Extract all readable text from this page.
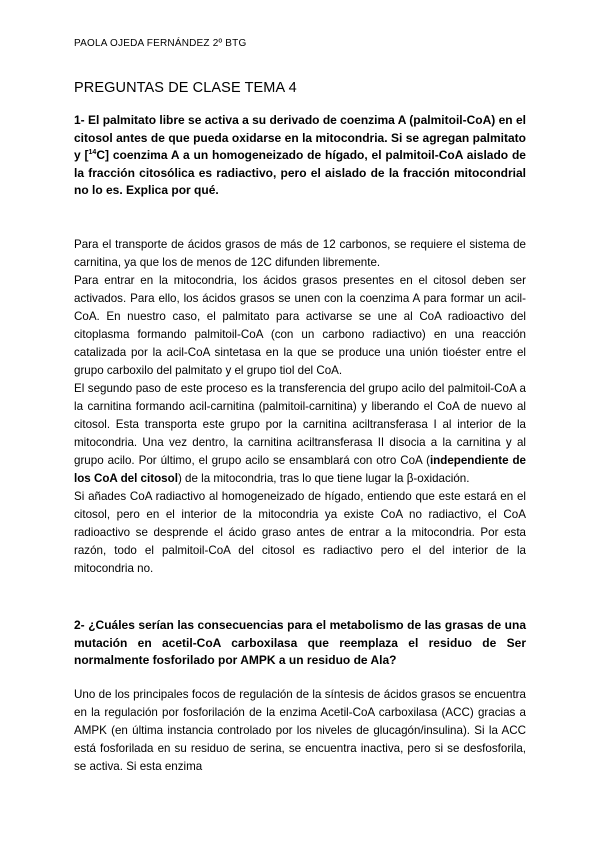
PAOLA OJEDA FERNÁNDEZ 2º BTG
PREGUNTAS DE CLASE TEMA 4
1- El palmitato libre se activa a su derivado de coenzima A (palmitoil-CoA) en el citosol antes de que pueda oxidarse en la mitocondria. Si se agregan palmitato y [$^{14}$C] coenzima A a un homogeneizado de hígado, el palmitoil-CoA aislado de la fracción citosólica es radiactivo, pero el aislado de la fracción mitocondrial no lo es. Explica por qué.

Para el transporte de ácidos grasos de más de 12 carbonos, se requiere el sistema de carnitina, ya que los de menos de 12C difunden libremente.

Para entrar en la mitocondria, los ácidos grasos presentes en el citosol deben ser activados. Para ello, los ácidos grasos se unen con la coenzima A para formar un acil-CoA. En nuestro caso, el palmitato para activarse se une al CoA radioactivo del citoplasma formando palmitoil-CoA (con un carbono radiactivo) en una reacción catalizada por la acil-CoA sintetasa en la que se produce una unión tioéster entre el grupo carboxilo del palmitato y el grupo tiol del CoA.

El segundo paso de este proceso es la transferencia del grupo acilo del palmitoil-CoA a la carnitina formando acil-carnitina (palmitoil-carnitina) y liberando el CoA de nuevo al citosol. Esta transporta este grupo por la carnitina aciltransferasa I al interior de la mitocondria. Una vez dentro, la carnitina aciltransferasa II disocia a la carnitina y al grupo acilo. Por último, el grupo acilo se ensamblará con otro CoA (independiente de los CoA del citosol) de la mitocondria, tras lo que tiene lugar la β-oxidación.

Si añades CoA radiactivo al homogeneizado de hígado, entiendo que este estará en el citosol, pero en el interior de la mitocondria ya existe CoA no radiactivo, el CoA radioactivo se desprende el ácido graso antes de entrar a la mitocondria. Por esta razón, todo el palmitoil-CoA del citosol es radiactivo pero el del interior de la mitocondria no.

2- ¿Cuáles serían las consecuencias para el metabolismo de las grasas de una mutación en acetil-CoA carboxilasa que reemplaza el residuo de Ser normalmente fosforilado por AMPK a un residuo de Ala?

Uno de los principales focos de regulación de la síntesis de ácidos grasos se encuentra en la regulación por fosforilación de la enzima Acetil-CoA carboxilasa (ACC) gracias a AMPK (en última instancia controlado por los niveles de glucagón/insulina). Si la ACC está fosforilada en su residuo de serina, se encuentra inactiva, pero si se desfosforila, se activa. Si esta enzima
